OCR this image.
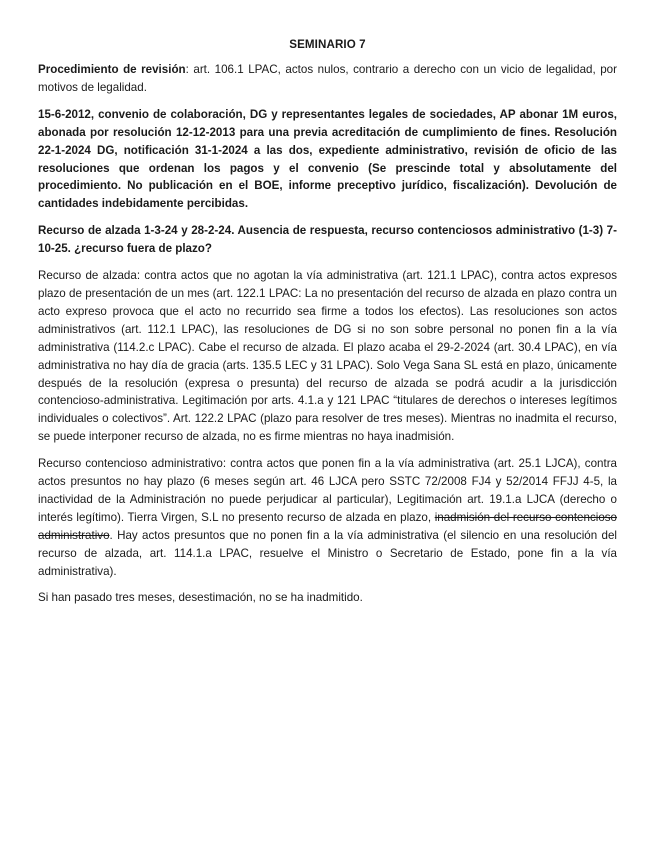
SEMINARIO 7

Procedimiento de revisión: art. 106.1 LPAC, actos nulos, contrario a derecho con un vicio de legalidad, por motivos de legalidad.

15-6-2012, convenio de colaboración, DG y representantes legales de sociedades, AP abonar 1M euros, abonada por resolución 12-12-2013 para una previa acreditación de cumplimiento de fines. Resolución 22-1-2024 DG, notificación 31-1-2024 a las dos, expediente administrativo, revisión de oficio de las resoluciones que ordenan los pagos y el convenio (Se prescinde total y absolutamente del procedimiento. No publicación en el BOE, informe preceptivo jurídico, fiscalización). Devolución de cantidades indebidamente percibidas.

Recurso de alzada 1-3-24 y 28-2-24. Ausencia de respuesta, recurso contenciosos administrativo (1-3) 7-10-25. ¿recurso fuera de plazo?

Recurso de alzada: contra actos que no agotan la vía administrativa (art. 121.1 LPAC), contra actos expresos plazo de presentación de un mes (art. 122.1 LPAC: La no presentación del recurso de alzada en plazo contra un acto expreso provoca que el acto no recurrido sea firme a todos los efectos). Las resoluciones son actos administrativos (art. 112.1 LPAC), las resoluciones de DG si no son sobre personal no ponen fin a la vía administrativa (114.2.c LPAC). Cabe el recurso de alzada. El plazo acaba el 29-2-2024 (art. 30.4 LPAC), en vía administrativa no hay día de gracia (arts. 135.5 LEC y 31 LPAC). Solo Vega Sana SL está en plazo, únicamente después de la resolución (expresa o presunta) del recurso de alzada se podrá acudir a la jurisdicción contencioso-administrativa. Legitimación por arts. 4.1.a y 121 LPAC “titulares de derechos o intereses legítimos individuales o colectivos”. Art. 122.2 LPAC (plazo para resolver de tres meses). Mientras no inadmita el recurso, se puede interponer recurso de alzada, no es firme mientras no haya inadmisión.

Recurso contencioso administrativo: contra actos que ponen fin a la vía administrativa (art. 25.1 LJCA), contra actos presuntos no hay plazo (6 meses según art. 46 LJCA pero SSTC 72/2008 FJ4 y 52/2014 FFJJ 4-5, la inactividad de la Administración no puede perjudicar al particular), Legitimación art. 19.1.a LJCA (derecho o interés legítimo). Tierra Virgen, S.L no presento recurso de alzada en plazo, inadmisión del recurso contencioso administrativo. Hay actos presuntos que no ponen fin a la vía administrativa (el silencio en una resolución del recurso de alzada, art. 114.1.a LPAC, resuelve el Ministro o Secretario de Estado, pone fin a la vía administrativa).

Si han pasado tres meses, desestimación, no se ha inadmitido.
